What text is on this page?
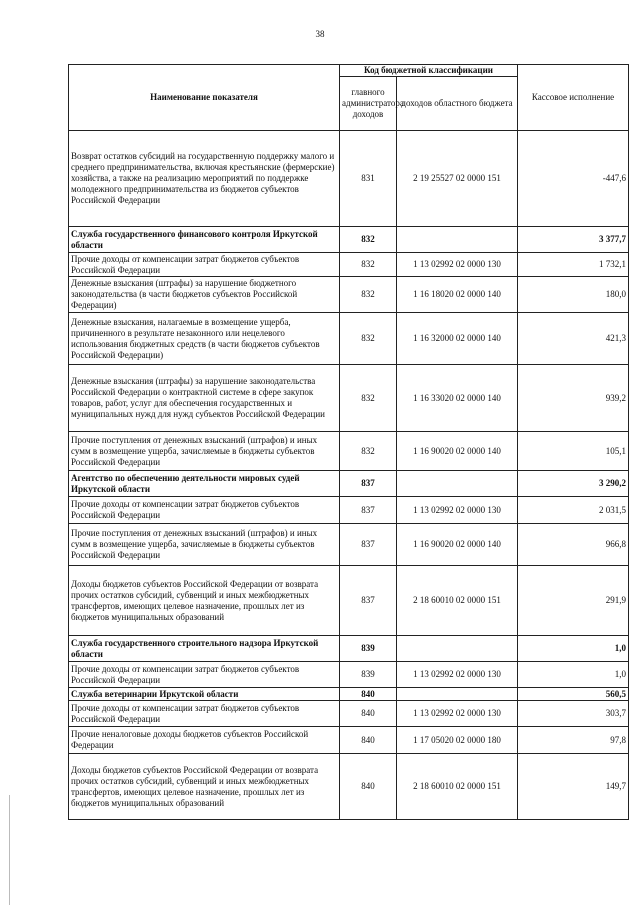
38
Наименование показателя	Код бюджетной классификации		Кассовое исполнение
	главного администратора доходов	доходов областного бюджета	
Возврат остатков субсидий на государственную поддержку малого и среднего предпринимательства, включая крестьянские (фермерские) хозяйства, а также на реализацию мероприятий по поддержке молодежного предпринимательства из бюджетов субъектов Российской Федерации	831	2 19 25527 02 0000 151	-447,6
Служба государственного финансового контроля Иркутской области	832		3 377,7
Прочие доходы от компенсации затрат бюджетов субъектов Российской Федерации	832	1 13 02992 02 0000 130	1 732,1
Денежные взыскания (штрафы) за нарушение бюджетного законодательства (в части бюджетов субъектов Российской Федерации)	832	1 16 18020 02 0000 140	180,0
Денежные взыскания, налагаемые в возмещение ущерба, причиненного в результате незаконного или нецелевого использования бюджетных средств (в части бюджетов субъектов Российской Федерации)	832	1 16 32000 02 0000 140	421,3
Денежные взыскания (штрафы) за нарушение законодательства Российской Федерации о контрактной системе в сфере закупок товаров, работ, услуг для обеспечения государственных и муниципальных нужд для нужд субъектов Российской Федерации	832	1 16 33020 02 0000 140	939,2
Прочие поступления от денежных взысканий (штрафов) и иных сумм в возмещение ущерба, зачисляемые в бюджеты субъектов Российской Федерации	832	1 16 90020 02 0000 140	105,1
Агентство по обеспечению деятельности мировых судей Иркутской области	837		3 290,2
Прочие доходы от компенсации затрат бюджетов субъектов Российской Федерации	837	1 13 02992 02 0000 130	2 031,5
Прочие поступления от денежных взысканий (штрафов) и иных сумм в возмещение ущерба, зачисляемые в бюджеты субъектов Российской Федерации	837	1 16 90020 02 0000 140	966,8
Доходы бюджетов субъектов Российской Федерации от возврата прочих остатков субсидий, субвенций и иных межбюджетных трансфертов, имеющих целевое назначение, прошлых лет из бюджетов муниципальных образований	837	2 18 60010 02 0000 151	291,9
Служба государственного строительного надзора Иркутской области	839		1,0
Прочие доходы от компенсации затрат бюджетов субъектов Российской Федерации	839	1 13 02992 02 0000 130	1,0
Служба ветеринарии Иркутской области	840		560,5
Прочие доходы от компенсации затрат бюджетов субъектов Российской Федерации	840	1 13 02992 02 0000 130	303,7
Прочие неналоговые доходы бюджетов субъектов Российской Федерации	840	1 17 05020 02 0000 180	97,8
Доходы бюджетов субъектов Российской Федерации от возврата прочих остатков субсидий, субвенций и иных межбюджетных трансфертов, имеющих целевое назначение, прошлых лет из бюджетов муниципальных образований	840	2 18 60010 02 0000 151	149,7
